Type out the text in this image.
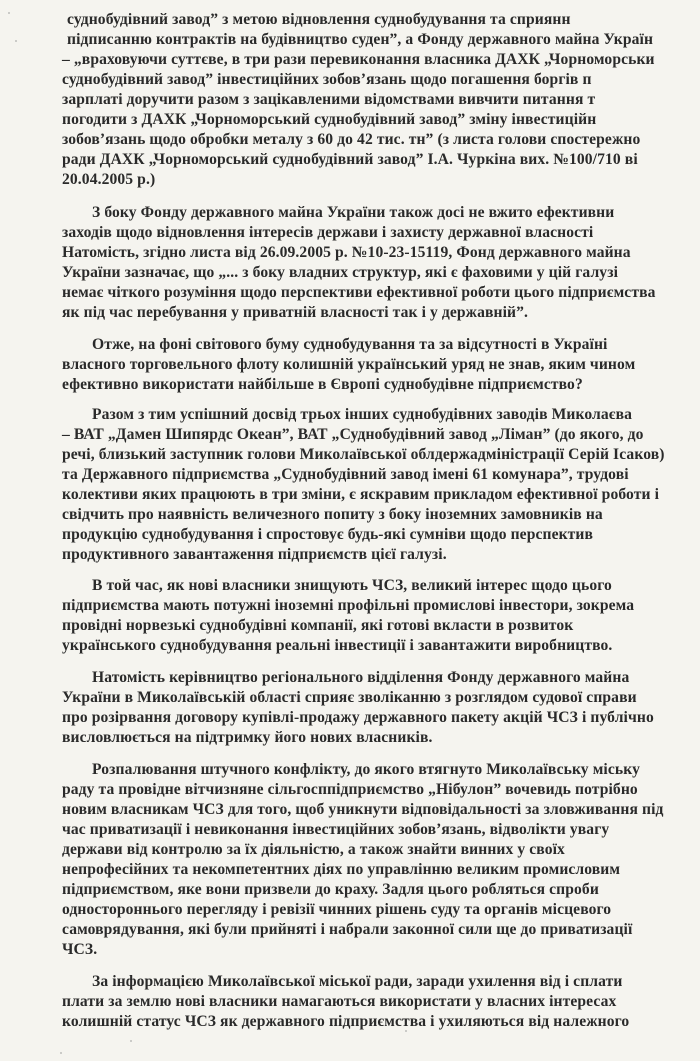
суднобудівний завод” з метою відновлення суднобудування та сприянн
підписанню контрактів на будівництво суден”, а Фонду державного майна Україн
– „враховуючи суттєве, в три рази перевиконання власника ДАХК „Чорноморськи
суднобудівний завод” інвестиційних зобов’язань щодо погашення боргів п
зарплаті доручити разом з зацікавленими відомствами вивчити питання т
погодити з ДАХК „Чорноморський суднобудівний завод” зміну інвестиційн
зобов’язань щодо обробки металу з 60 до 42 тис. тн” (з листа голови спостережно
ради ДАХК „Чорноморський суднобудівний завод” І.А. Чуркіна вих. №100/710 ві
20.04.2005 р.)
З боку Фонду державного майна України також досі не вжито ефективни
заходів щодо відновлення інтересів держави і захисту державної власності
Натомість, згідно листа від 26.09.2005 р. №10-23-15119, Фонд державного майна
України зазначає, що „... з боку владних структур, які є фаховими у цій галузі
немає чіткого розуміння щодо перспективи ефективної роботи цього підприємства
як під час перебування у приватній власності так і у державній”.
Отже, на фоні світового буму суднобудування та за відсутності в Україні
власного торговельного флоту колишній український уряд не знав, яким чином
ефективно використати найбільше в Європі суднобудівне підприємство?
Разом з тим успішний досвід трьох інших суднобудівних заводів Миколаєва
– ВАТ „Дамен Шипярдс Океан”, ВАТ „Суднобудівний завод „Ліман” (до якого, до
речі, близький заступник голови Миколаївської облдержадміністрації Серій Ісаков)
та Державного підприємства „Суднобудівний завод імені 61 комунара”, трудові
колективи яких працюють в три зміни, є яскравим прикладом ефективної роботи і
свідчить про наявність величезного попиту з боку іноземних замовників на
продукцію суднобудування і спростовує будь-які сумніви щодо перспектив
продуктивного завантаження підприємств цієї галузі.
В той час, як нові власники знищують ЧСЗ, великий інтерес щодо цього
підприємства мають потужні іноземні профільні промислові інвестори, зокрема
провідні норвезькі суднобудівні компанії, які готові вкласти в розвиток
українського суднобудування реальні інвестиції і завантажити виробництво.
Натомість керівництво регіонального відділення Фонду державного майна
України в Миколаївській області сприяє зволіканню з розглядом судової справи
про розірвання договору купівлі-продажу державного пакету акцій ЧСЗ і публічно
висловлюється на підтримку його нових власників.
Розпалювання штучного конфлікту, до якого втягнуто Миколаївську міську
раду та провідне вітчизняне сільгосппідприємство „Нібулон” вочевидь потрібно
новим власникам ЧСЗ для того, щоб уникнути відповідальності за зловживання під
час приватизації і невиконання інвестиційних зобов’язань, відволікти увагу
держави від контролю за їх діяльністю, а також знайти винних у своїх
непрофесійних та некомпетентних діях по управлінню великим промисловим
підприємством, яке вони призвели до краху. Задля цього робляться спроби
одностороннього перегляду і ревізії чинних рішень суду та органів місцевого
самоврядування, які були прийняті і набрали законної сили ще до приватизації
ЧСЗ.
За інформацією Миколаївської міської ради, заради ухилення від і сплати
плати за землю нові власники намагаються використати у власних інтересах
колишній статус ЧСЗ як державного підприємства і ухиляються від належного
